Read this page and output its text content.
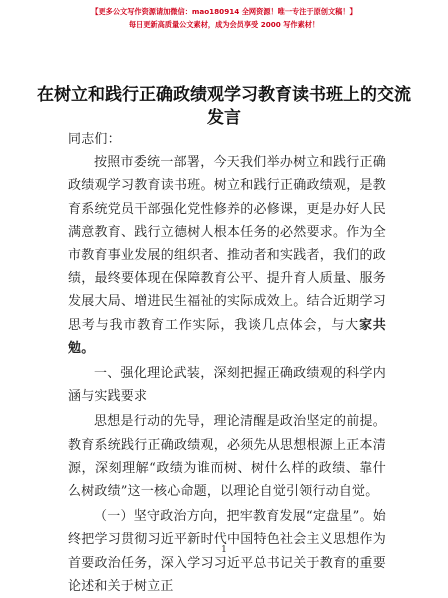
【更多公文写作资源请加微信：mao180914 全网资源！唯一专注于原创文稿！】
每日更新高质量公文素材，成为会员享受 2000 写作素材！
在树立和践行正确政绩观学习教育读书班上的交流发言

同志们：

按照市委统一部署，今天我们举办树立和践行正确政绩观学习教育读书班。树立和践行正确政绩观，是教育系统党员干部强化党性修养的必修课，更是办好人民满意教育、践行立德树人根本任务的必然要求。作为全市教育事业发展的组织者、推动者和实践者，我们的政绩，最终要体现在保障教育公平、提升育人质量、服务发展大局、增进民生福祉的实际成效上。结合近期学习思考与我市教育工作实际，我谈几点体会，与大家共勉。

一、强化理论武装，深刻把握正确政绩观的科学内涵与实践要求

思想是行动的先导，理论清醒是政治坚定的前提。教育系统践行正确政绩观，必须先从思想根源上正本清源，深刻理解“政绩为谁而树、树什么样的政绩、靠什么树政绩”这一核心命题，以理论自觉引领行动自觉。

（一）坚守政治方向，把牢教育发展“定盘星”。始终把学习贯彻习近平新时代中国特色社会主义思想作为首要政治任务，深入学习习近平总书记关于教育的重要论述和关于树立正

1
